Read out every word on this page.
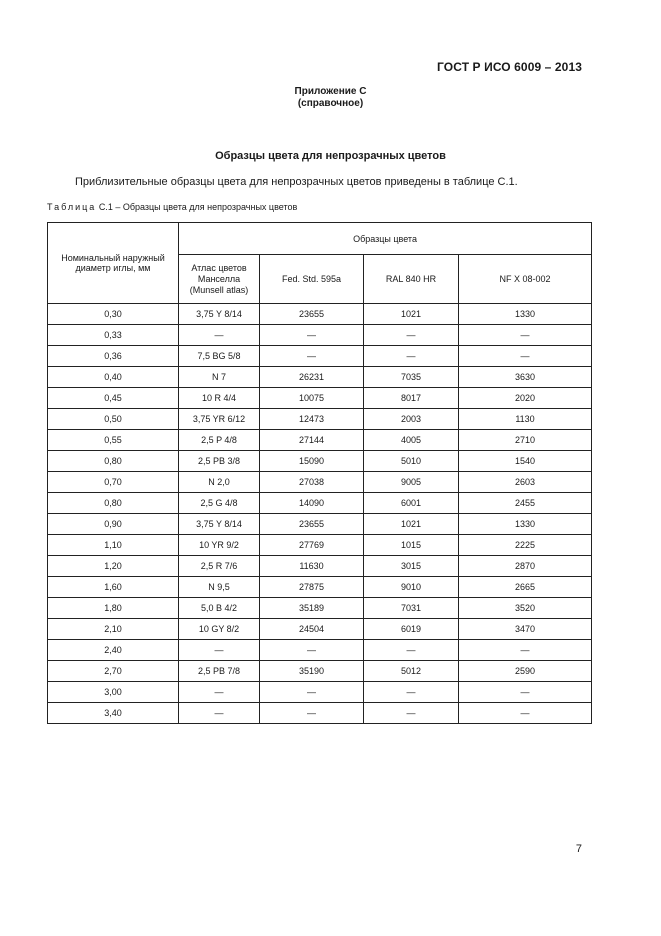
ГОСТ Р ИСО 6009 – 2013
Приложение С
(справочное)
Образцы цвета для непрозрачных цветов
Приблизительные образцы цвета для непрозрачных цветов приведены в таблице С.1.
Таблица С.1 – Образцы цвета для непрозрачных цветов
Номинальный наружный диаметр иглы, мм	Образцы цвета			
	Атлас цветов Манселла (Munsell atlas)	Fed. Std. 595a	RAL 840 HR	NF X 08-002
0,30	3,75 Y 8/14	23655	1021	1330
0,33	—	—	—	—
0,36	7,5 BG 5/8	—	—	—
0,40	N 7	26231	7035	3630
0,45	10 R 4/4	10075	8017	2020
0,50	3,75 YR 6/12	12473	2003	1130
0,55	2,5 P 4/8	27144	4005	2710
0,80	2,5 PB 3/8	15090	5010	1540
0,70	N 2,0	27038	9005	2603
0,80	2,5 G 4/8	14090	6001	2455
0,90	3,75 Y 8/14	23655	1021	1330
1,10	10 YR 9/2	27769	1015	2225
1,20	2,5 R 7/6	11630	3015	2870
1,60	N 9,5	27875	9010	2665
1,80	5,0 B 4/2	35189	7031	3520
2,10	10 GY 8/2	24504	6019	3470
2,40	—	—	—	—
2,70	2,5 PB 7/8	35190	5012	2590
3,00	—	—	—	—
3,40	—	—	—	—
7
